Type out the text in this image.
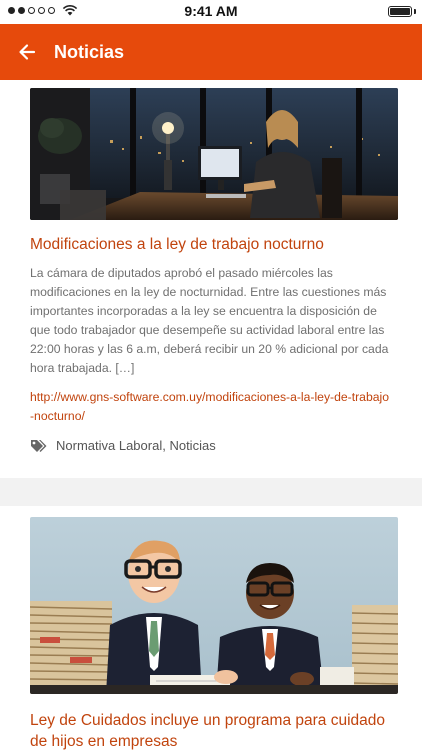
9:41 AM
Noticias
Modificaciones a la ley de trabajo nocturno
La cámara de diputados aprobó el pasado miércoles las modificaciones en la ley de nocturnidad. Entre las cuestiones más importantes incorporadas a la ley se encuentra la disposición de que todo trabajador que desempeñe su actividad laboral entre las 22:00 horas y las 6 a.m, deberá recibir un 20 % adicional por cada hora trabajada. […]
http://www.gns-software.com.uy/modificaciones-a-la-ley-de-trabajo-nocturno/
Normativa Laboral, Noticias
Ley de Cuidados incluye un programa para cuidado de hijos en empresas
